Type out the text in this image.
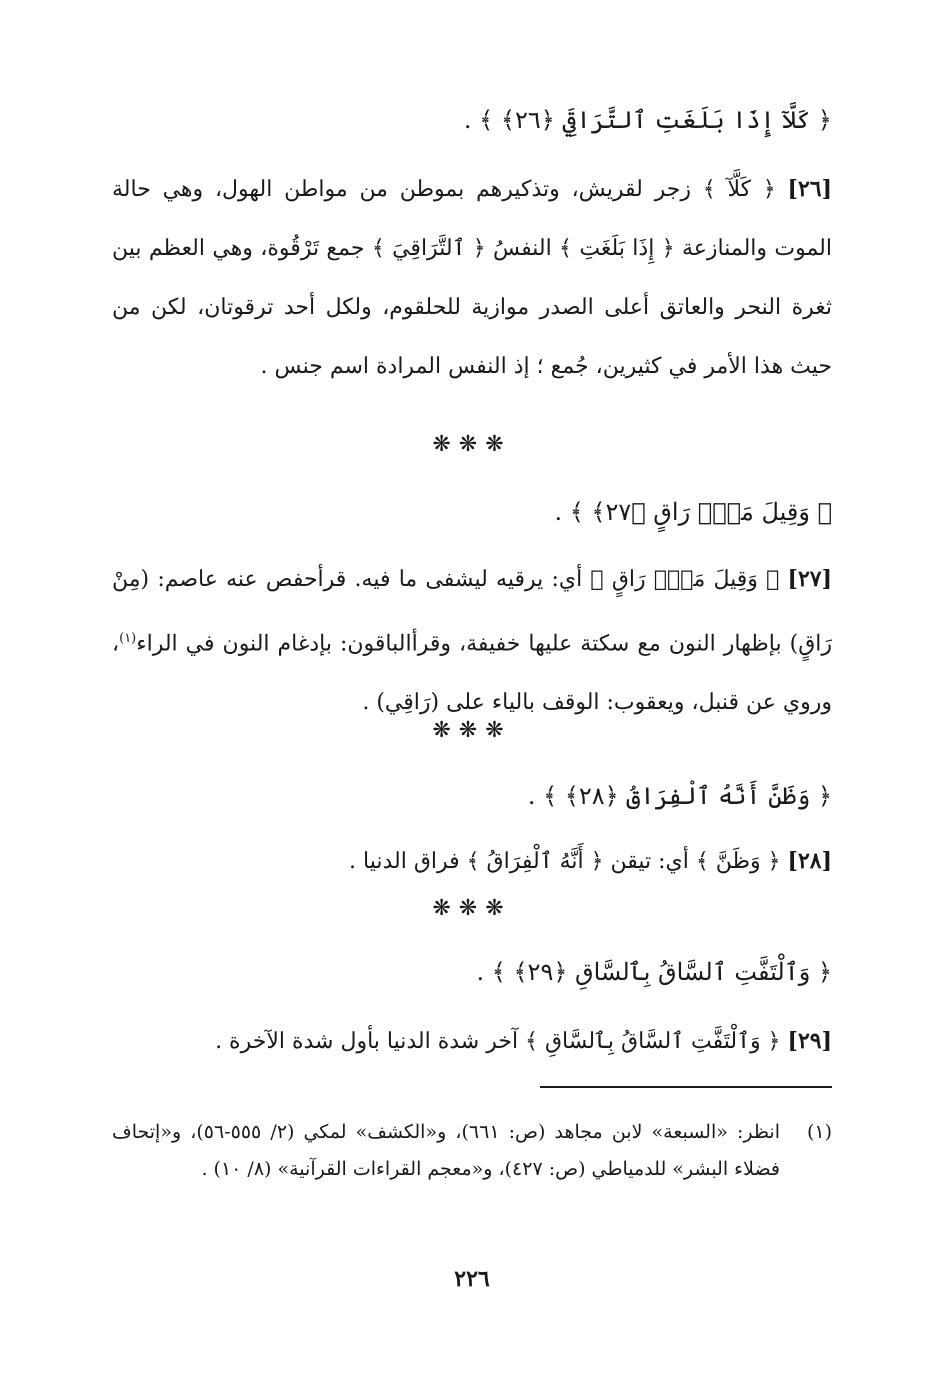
﴿ كَلَّآ إِذَا بَلَغَتِ ٱلتَّرَاقِيَ ﴿٢٦﴾ ﴾ .
[٢٦] ﴿ كَلَّآ ﴾ زجر لقريش، وتذكيرهم بموطن من مواطن الهول، وهي حالة الموت والمنازعة ﴿ إِذَا بَلَغَتِ ﴾ النفسُ ﴿ ٱلتَّرَاقِيَ ﴾ جمع تَرْقُوة، وهي العظم بين ثغرة النحر والعاتق أعلى الصدر موازية للحلقوم، ولكل أحد ترقوتان، لكن من حيث هذا الأمر في كثيرين، جُمع ؛ إذ النفس المرادة اسم جنس .
❋❋❋
﴿ وَقِيلَ مَنْۜ رَاقٍ ﴿٢٧﴾ ﴾ .
[٢٧] ﴿ وَقِيلَ مَنْۜ رَاقٍ ﴾ أي: يرقيه ليشفى ما فيه. قرأحفص عنه عاصم: (مِنْ رَاقٍ) بإظهار النون مع سكتة عليها خفيفة، وقرأالباقون: بإدغام النون في الراء$^{(١)}$، وروي عن قنبل، ويعقوب: الوقف بالياء على (رَاقِي) .
❋❋❋
﴿ وَظَنَّ أَنَّهُ ٱلْفِرَاقُ ﴿٢٨﴾ ﴾ .
[٢٨] ﴿ وَظَنَّ ﴾ أي: تيقن ﴿ أَنَّهُ ٱلْفِرَاقُ ﴾ فراق الدنيا .
❋❋❋
﴿ وَٱلْتَفَّتِ ٱلسَّاقُ بِٱلسَّاقِ ﴿٢٩﴾ ﴾ .
[٢٩] ﴿ وَٱلْتَفَّتِ ٱلسَّاقُ بِٱلسَّاقِ ﴾ آخر شدة الدنيا بأول شدة الآخرة .
(١)
انظر: «السبعة» لابن مجاهد (ص: ٦٦١)، و«الكشف» لمكي (٢/ ٥٥٥-٥٦)، و«إتحاف فضلاء البشر» للدمياطي (ص: ٤٢٧)، و«معجم القراءات القرآنية» (٨/ ١٠) .
٢٢٦
